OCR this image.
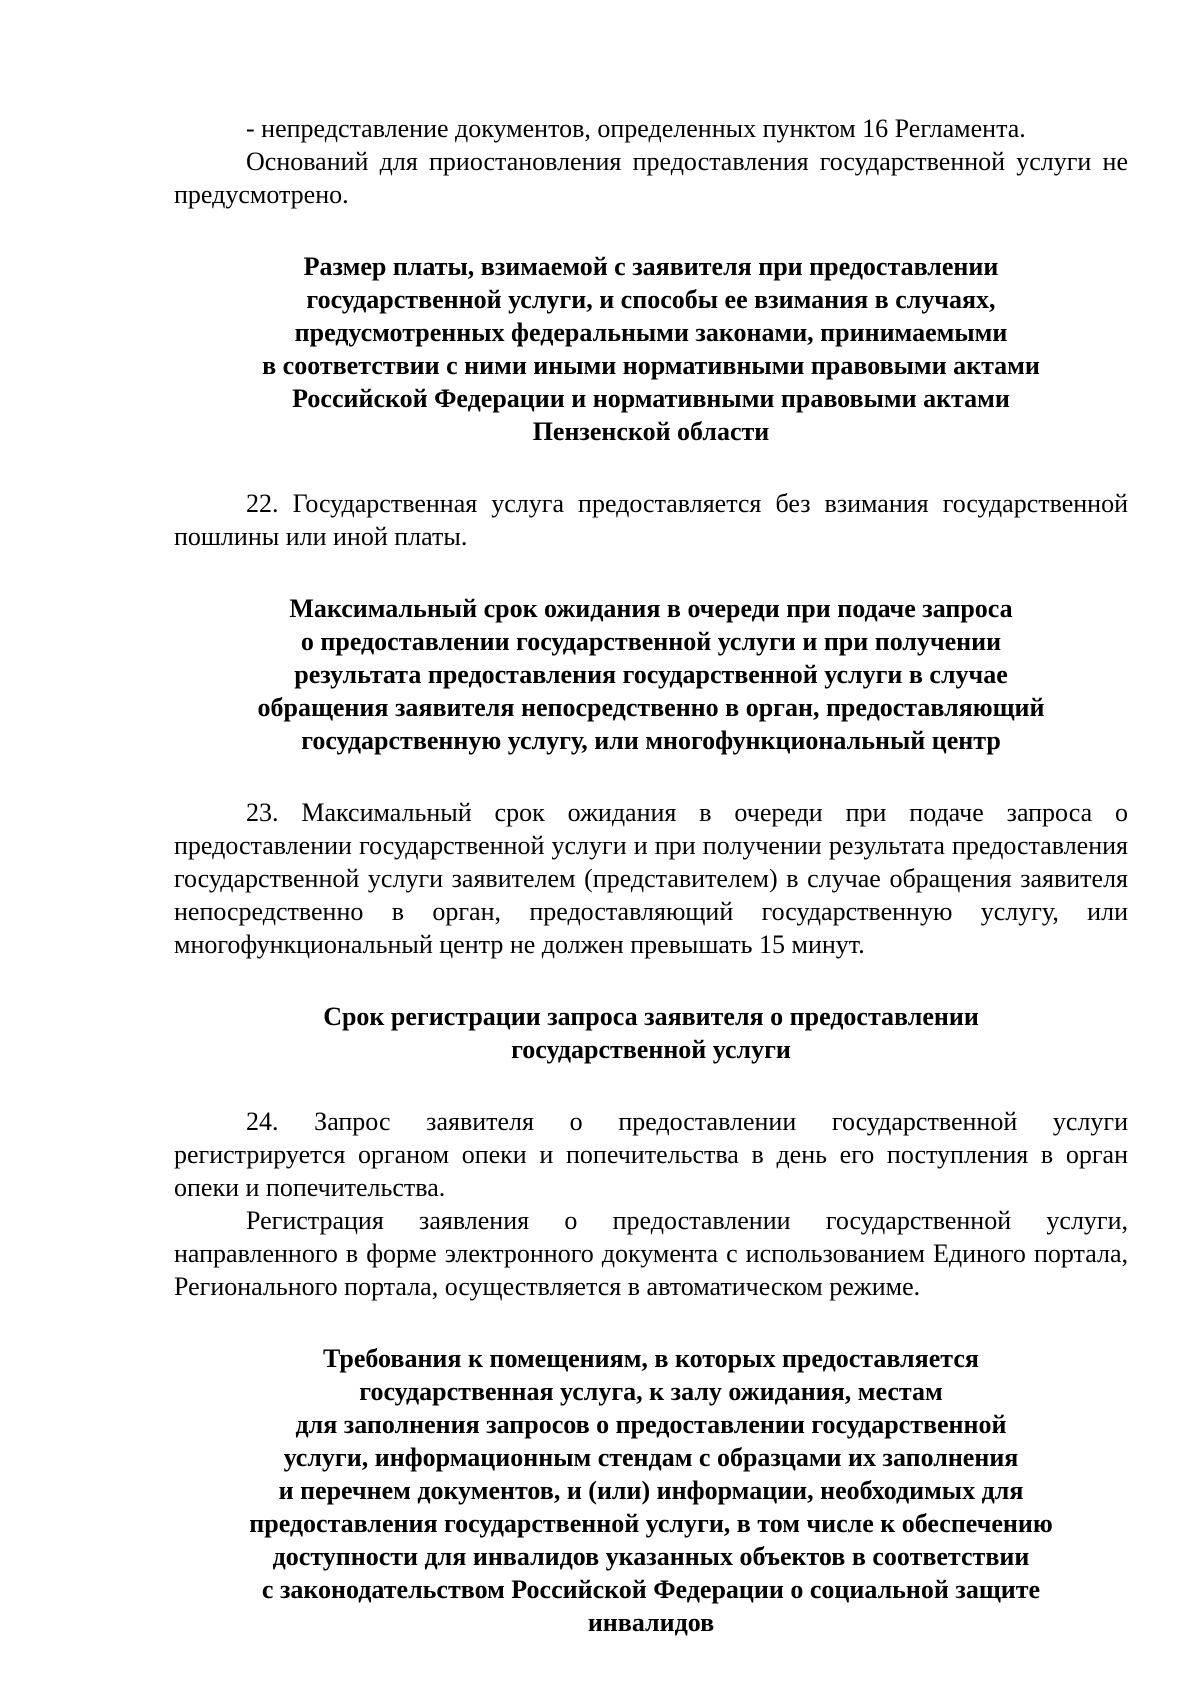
- непредставление документов, определенных пунктом 16 Регламента.

Оснований для приостановления предоставления государственной услуги не предусмотрено.

Размер платы, взимаемой с заявителя при предоставлении
государственной услуги, и способы ее взимания в случаях,
предусмотренных федеральными законами, принимаемыми
в соответствии с ними иными нормативными правовыми актами
Российской Федерации и нормативными правовыми актами
Пензенской области

22. Государственная услуга предоставляется без взимания государственной пошлины или иной платы.

Максимальный срок ожидания в очереди при подаче запроса
о предоставлении государственной услуги и при получении
результата предоставления государственной услуги в случае
обращения заявителя непосредственно в орган, предоставляющий
государственную услугу, или многофункциональный центр

23. Максимальный срок ожидания в очереди при подаче запроса о предоставлении государственной услуги и при получении результата предоставления государственной услуги заявителем (представителем) в случае обращения заявителя непосредственно в орган, предоставляющий государственную услугу, или многофункциональный центр не должен превышать 15 минут.

Срок регистрации запроса заявителя о предоставлении
государственной услуги

24. Запрос заявителя о предоставлении государственной услуги регистрируется органом опеки и попечительства в день его поступления в орган опеки и попечительства.

Регистрация заявления о предоставлении государственной услуги, направленного в форме электронного документа с использованием Единого портала, Регионального портала, осуществляется в автоматическом режиме.

Требования к помещениям, в которых предоставляется
государственная услуга, к залу ожидания, местам
для заполнения запросов о предоставлении государственной
услуги, информационным стендам с образцами их заполнения
и перечнем документов, и (или) информации, необходимых для
предоставления государственной услуги, в том числе к обеспечению
доступности для инвалидов указанных объектов в соответствии
с законодательством Российской Федерации о социальной защите
инвалидов
